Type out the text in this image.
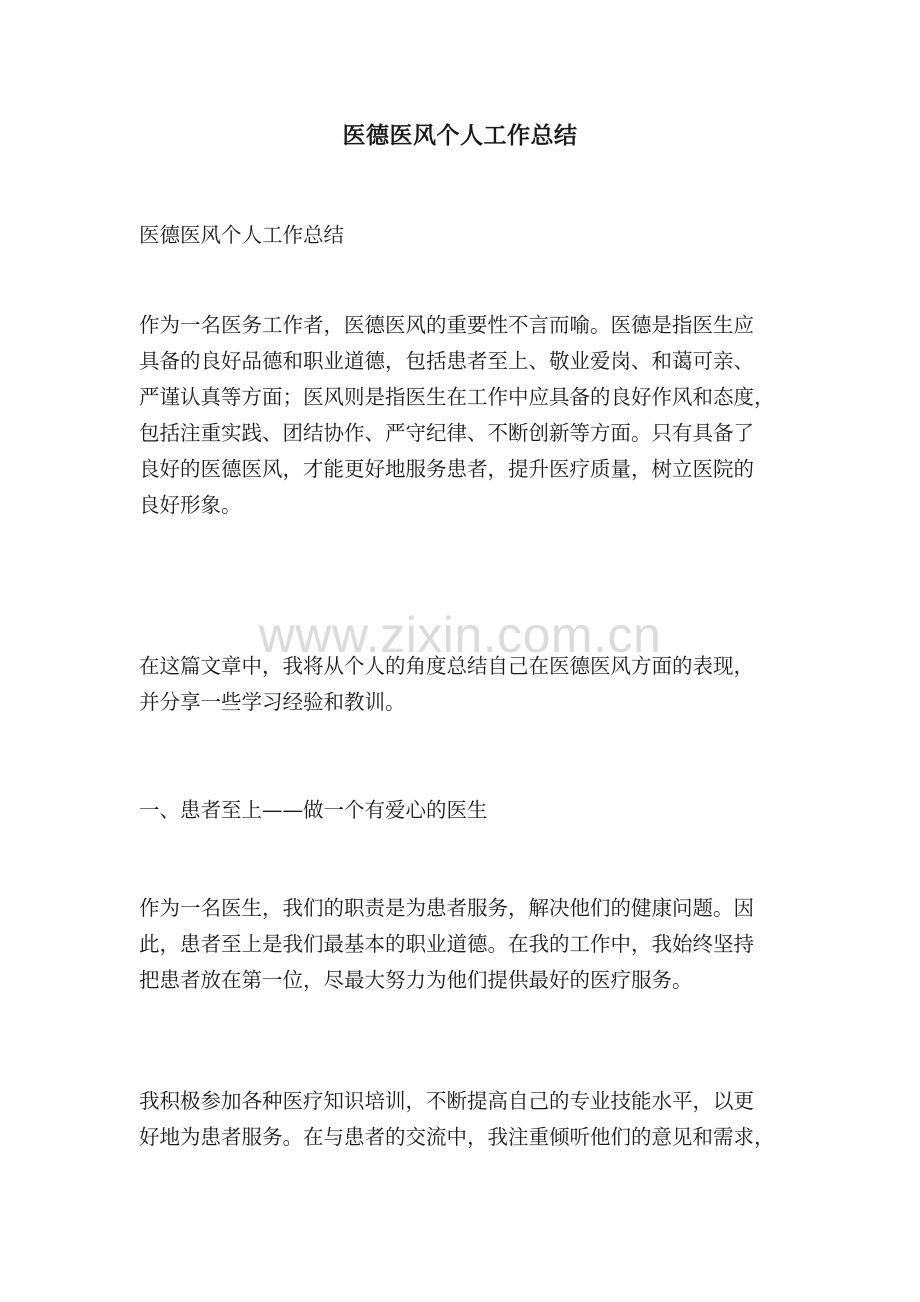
医德医风个人工作总结

医德医风个人工作总结

作为一名医务工作者，医德医风的重要性不言而喻。医德是指医生应
具备的良好品德和职业道德，包括患者至上、敬业爱岗、和蔼可亲、
严谨认真等方面；医风则是指医生在工作中应具备的良好作风和态度，
包括注重实践、团结协作、严守纪律、不断创新等方面。只有具备了
良好的医德医风，才能更好地服务患者，提升医疗质量，树立医院的
良好形象。

在这篇文章中，我将从个人的角度总结自己在医德医风方面的表现，
并分享一些学习经验和教训。

一、患者至上——做一个有爱心的医生

作为一名医生，我们的职责是为患者服务，解决他们的健康问题。因
此，患者至上是我们最基本的职业道德。在我的工作中，我始终坚持
把患者放在第一位，尽最大努力为他们提供最好的医疗服务。

我积极参加各种医疗知识培训，不断提高自己的专业技能水平，以更
好地为患者服务。在与患者的交流中，我注重倾听他们的意见和需求，

www.zixin.com.cn
